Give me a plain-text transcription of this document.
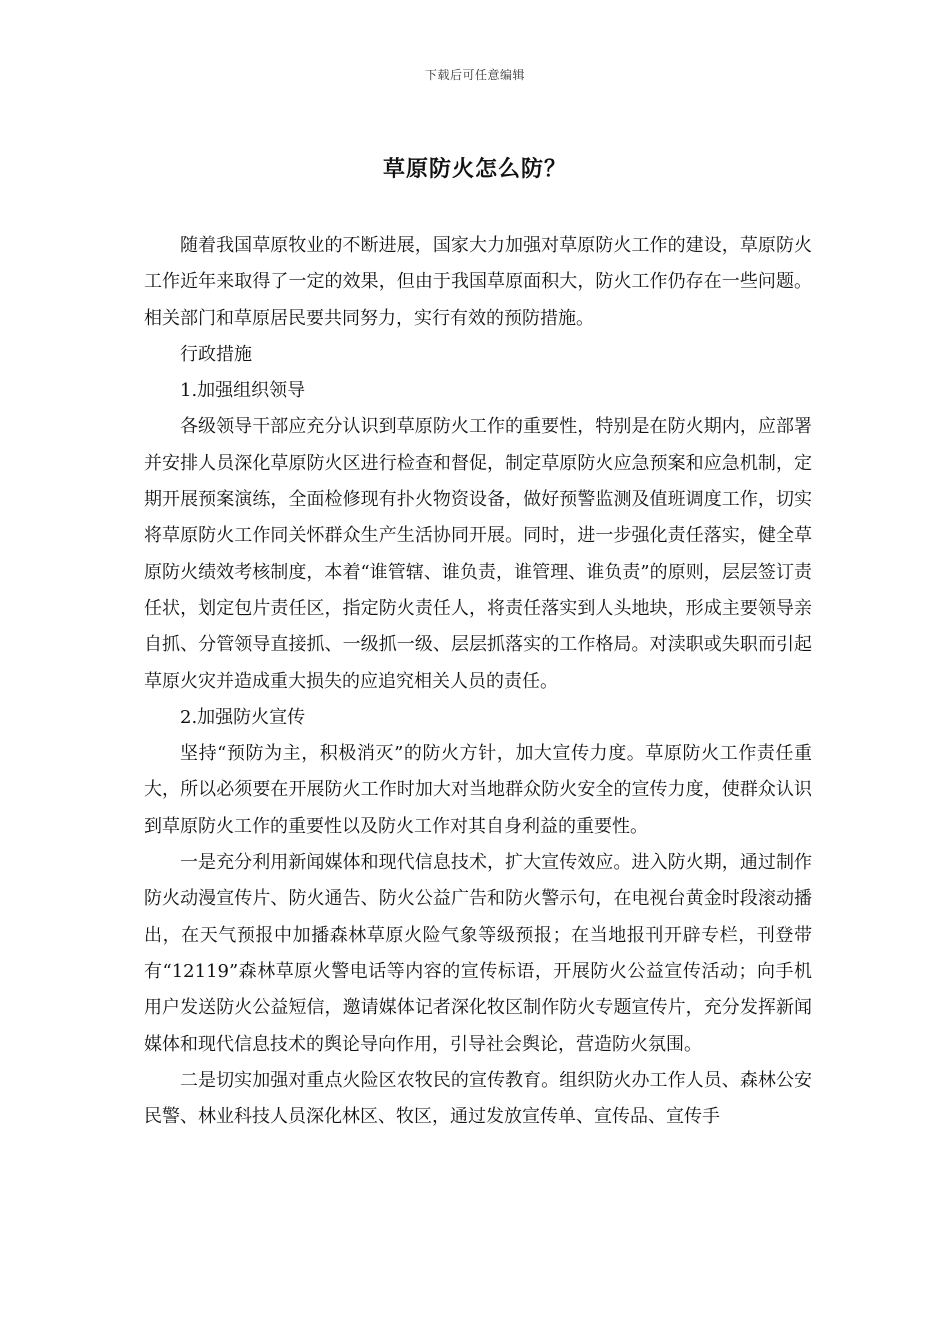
下载后可任意编辑
草原防火怎么防？

随着我国草原牧业的不断进展，国家大力加强对草原防火工作的建设，草原防火工作近年来取得了一定的效果，但由于我国草原面积大，防火工作仍存在一些问题。相关部门和草原居民要共同努力，实行有效的预防措施。

行政措施

1.加强组织领导

各级领导干部应充分认识到草原防火工作的重要性，特别是在防火期内，应部署并安排人员深化草原防火区进行检查和督促，制定草原防火应急预案和应急机制，定期开展预案演练，全面检修现有扑火物资设备，做好预警监测及值班调度工作，切实将草原防火工作同关怀群众生产生活协同开展。同时，进一步强化责任落实，健全草原防火绩效考核制度，本着“谁管辖、谁负责，谁管理、谁负责”的原则，层层签订责任状，划定包片责任区，指定防火责任人，将责任落实到人头地块，形成主要领导亲自抓、分管领导直接抓、一级抓一级、层层抓落实的工作格局。对渎职或失职而引起草原火灾并造成重大损失的应追究相关人员的责任。

2.加强防火宣传

坚持“预防为主，积极消灭”的防火方针，加大宣传力度。草原防火工作责任重大，所以必须要在开展防火工作时加大对当地群众防火安全的宣传力度，使群众认识到草原防火工作的重要性以及防火工作对其自身利益的重要性。

一是充分利用新闻媒体和现代信息技术，扩大宣传效应。进入防火期，通过制作防火动漫宣传片、防火通告、防火公益广告和防火警示句，在电视台黄金时段滚动播出，在天气预报中加播森林草原火险气象等级预报；在当地报刊开辟专栏，刊登带有“12119”森林草原火警电话等内容的宣传标语，开展防火公益宣传活动；向手机用户发送防火公益短信，邀请媒体记者深化牧区制作防火专题宣传片，充分发挥新闻媒体和现代信息技术的舆论导向作用，引导社会舆论，营造防火氛围。

二是切实加强对重点火险区农牧民的宣传教育。组织防火办工作人员、森林公安民警、林业科技人员深化林区、牧区，通过发放宣传单、宣传品、宣传手
